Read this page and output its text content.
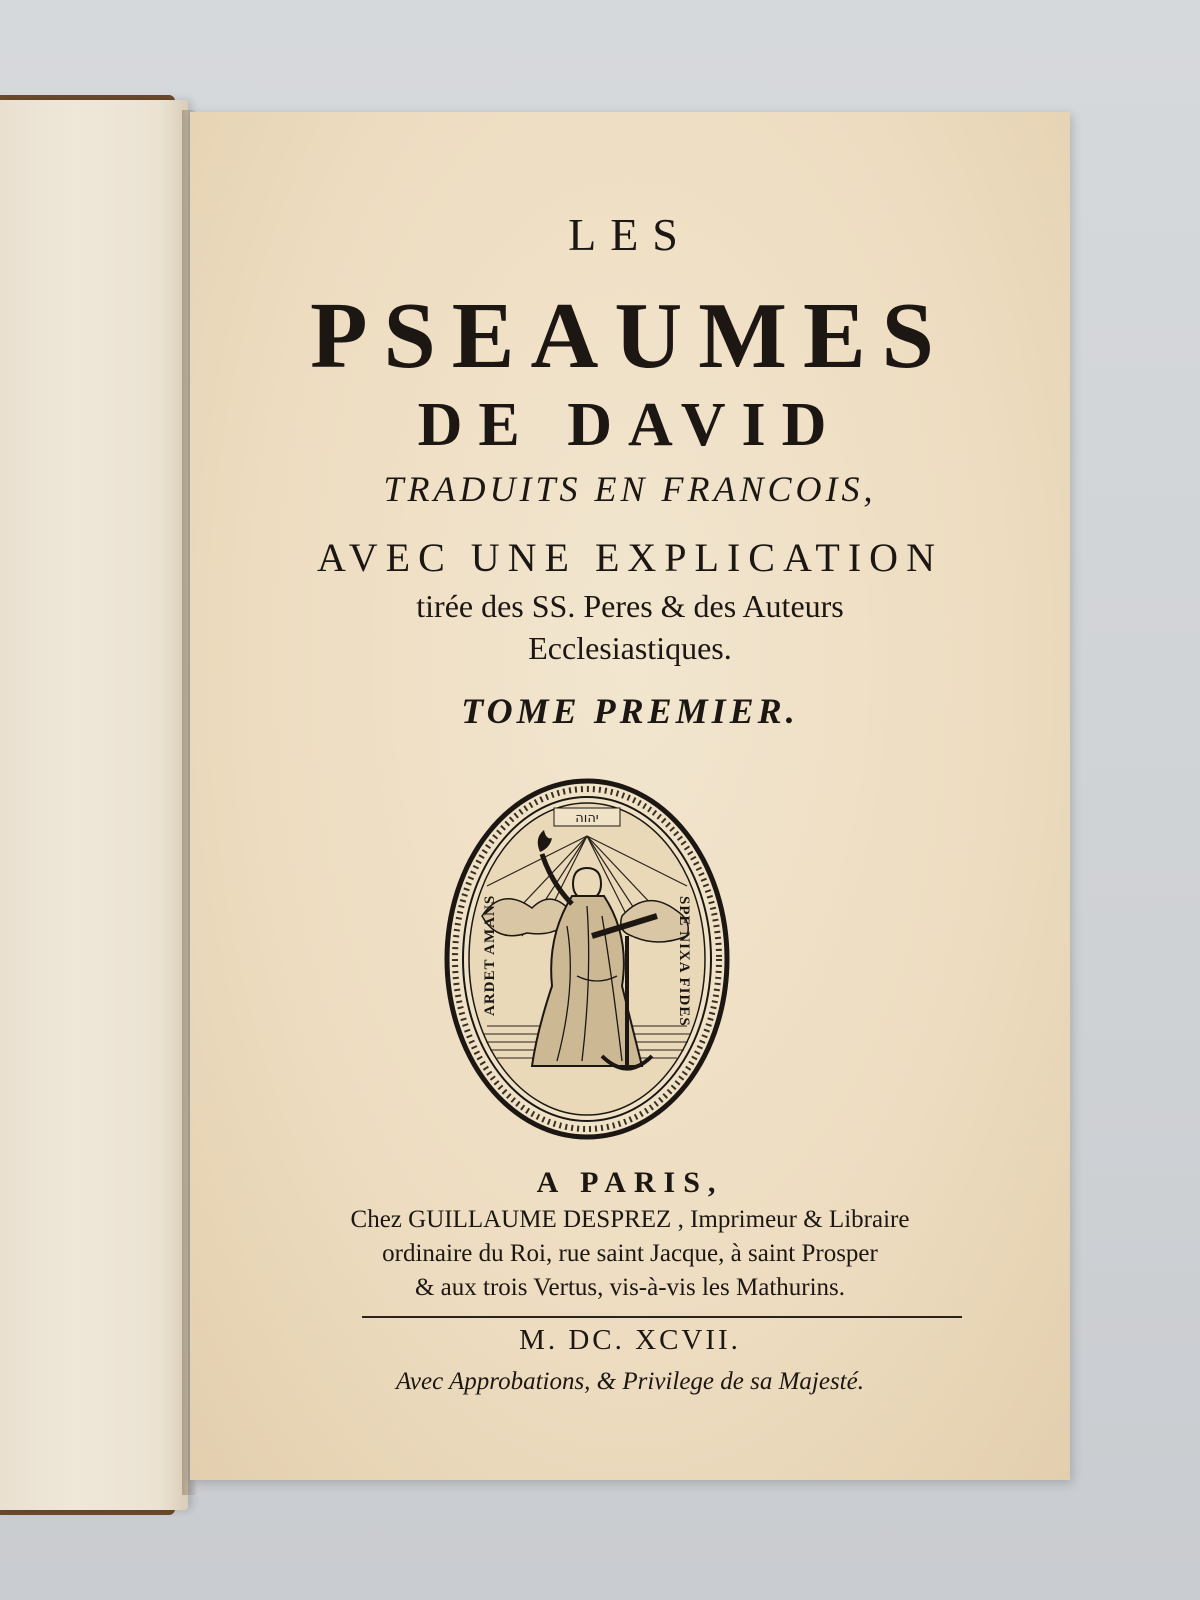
LES
PSEAUMES
DE DAVID
TRADUITS EN FRANCOIS,
AVEC UNE EXPLICATION
tirée des SS. Peres & des Auteurs
Ecclesiastiques.
TOME PREMIER.
יהוה
ARDET AMANS	SPE NIXA FIDES
A PARIS,
Chez GUILLAUME DESPREZ , Imprimeur & Libraire
ordinaire du Roi, rue saint Jacque, à saint Prosper
& aux trois Vertus, vis-à-vis les Mathurins.
M. DC. XCVII.
Avec Approbations, & Privilege de sa Majesté.
